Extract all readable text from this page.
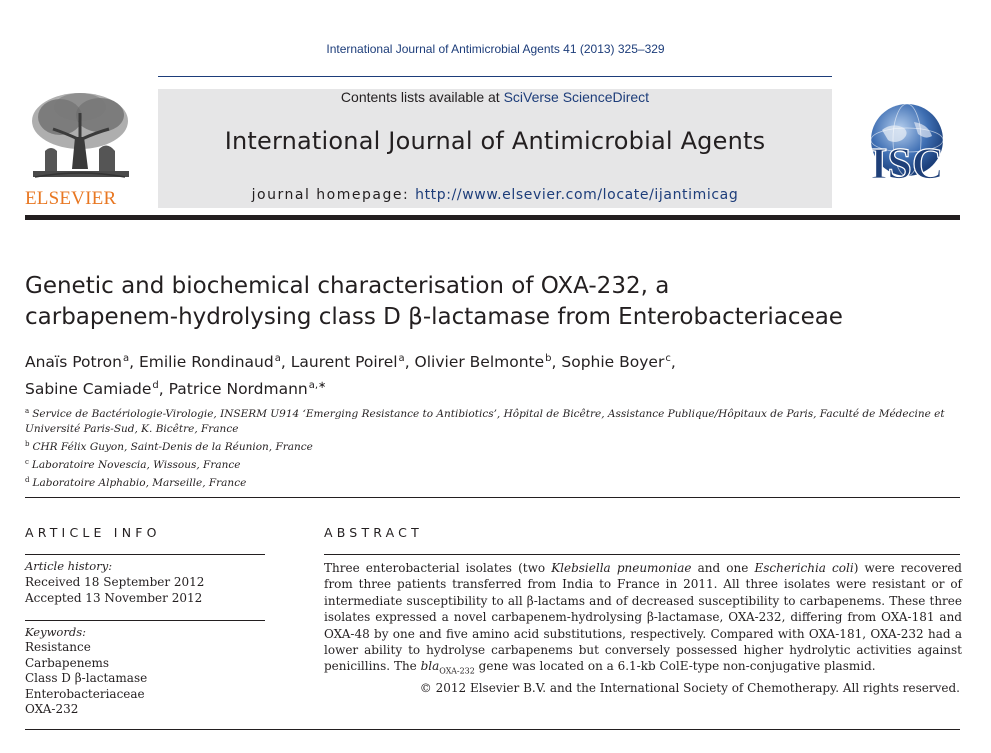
International Journal of Antimicrobial Agents 41 (2013) 325–329
ELSEVIER
Contents lists available at SciVerse ScienceDirect
International Journal of Antimicrobial Agents
journal homepage: http://www.elsevier.com/locate/ijantimicag
ISC
Genetic and biochemical characterisation of OXA-232, a
carbapenem-hydrolysing class D β-lactamase from Enterobacteriaceae
Anaïs Potron$^a$, Emilie Rondinaud$^a$, Laurent Poirel$^a$, Olivier Belmonte$^b$, Sophie Boyer$^c$,
Sabine Camiade$^d$, Patrice Nordmann$^{a,∗}$
$^a$ Service de Bactériologie-Virologie, INSERM U914 ‘Emerging Resistance to Antibiotics’, Hôpital de Bicêtre, Assistance Publique/Hôpitaux de Paris, Faculté de Médecine et Université Paris-Sud, K. Bicêtre, France
$^b$ CHR Félix Guyon, Saint-Denis de la Réunion, France
$^c$ Laboratoire Novescia, Wissous, France
$^d$ Laboratoire Alphabio, Marseille, France
ARTICLE INFO
Article history:
Received 18 September 2012
Accepted 13 November 2012
Keywords:
Resistance
Carbapenems
Class D β-lactamase
Enterobacteriaceae
OXA-232
ABSTRACT
Three enterobacterial isolates (two Klebsiella pneumoniae and one Escherichia coli) were recovered from three patients transferred from India to France in 2011. All three isolates were resistant or of intermediate susceptibility to all β-lactams and of decreased susceptibility to carbapenems. These three isolates expressed a novel carbapenem-hydrolysing β-lactamase, OXA-232, differing from OXA-181 and OXA-48 by one and five amino acid substitutions, respectively. Compared with OXA-181, OXA-232 had a lower ability to hydrolyse carbapenems but conversely possessed higher hydrolytic activities against penicillins. The bla$_{OXA-232}$ gene was located on a 6.1-kb ColE-type non-conjugative plasmid.
© 2012 Elsevier B.V. and the International Society of Chemotherapy. All rights reserved.
